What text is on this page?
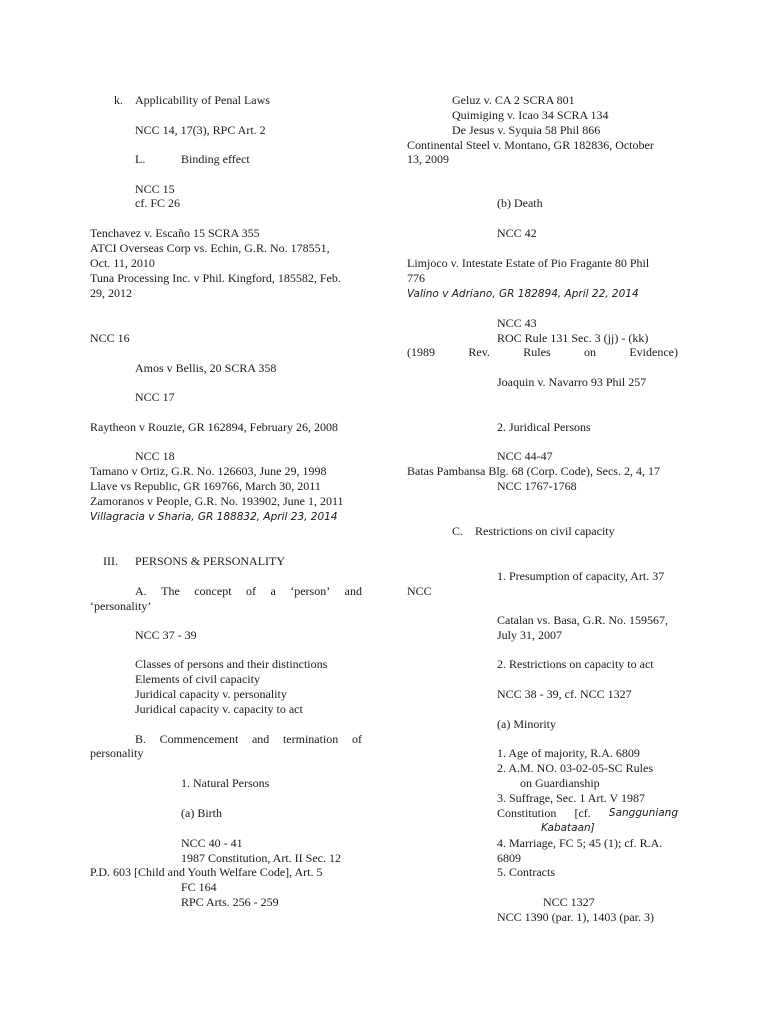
k. Applicability of Penal Laws
NCC 14, 17(3), RPC Art. 2
L.	Binding effect
NCC 15
cf. FC 26
Tenchavez v. Escaño 15 SCRA 355
ATCI Overseas Corp vs. Echin, G.R. No. 178551,
Oct. 11, 2010
Tuna Processing Inc. v Phil. Kingford, 185582, Feb.
29, 2012
NCC 16
Amos v Bellis, 20 SCRA 358
NCC 17
Raytheon v Rouzie, GR 162894, February 26, 2008
NCC 18
Tamano v Ortiz, G.R. No. 126603, June 29, 1998
Llave vs Republic, GR 169766, March 30, 2011
Zamoranos v People, G.R. No. 193902, June 1, 2011
Villagracia v Sharia, GR 188832, April 23, 2014
III. PERSONS & PERSONALITY
A. The concept of a ‘person’ and
‘personality’
NCC 37 - 39
Classes of persons and their distinctions
Elements of civil capacity
Juridical capacity v. personality
Juridical capacity v. capacity to act
B. Commencement and termination of
personality
1. Natural Persons
(a) Birth
NCC 40 - 41
1987 Constitution, Art. II Sec. 12
P.D. 603 [Child and Youth Welfare Code], Art. 5
FC 164
RPC Arts. 256 - 259
Geluz v. CA 2 SCRA 801
Quimiging v. Icao 34 SCRA 134
De Jesus v. Syquia 58 Phil 866
Continental Steel v. Montano, GR 182836, October
13, 2009
(b) Death
NCC 42
Limjoco v. Intestate Estate of Pio Fragante 80 Phil
776
Valino v Adriano, GR 182894, April 22, 2014
NCC 43
ROC Rule 131 Sec. 3 (jj) - (kk)
(1989	Rev.	Rules	on	Evidence)
Joaquin v. Navarro 93 Phil 257
2. Juridical Persons
NCC 44-47
Batas Pambansa Blg. 68 (Corp. Code), Secs. 2, 4, 17
NCC 1767-1768
C. Restrictions on civil capacity
1. Presumption of capacity, Art. 37
NCC
Catalan vs. Basa, G.R. No. 159567,
July 31, 2007
2. Restrictions on capacity to act
NCC 38 - 39, cf. NCC 1327
(a) Minority
1. Age of majority, R.A. 6809
2. A.M. NO. 03-02-05-SC Rules
on Guardianship
3. Suffrage, Sec. 1 Art. V 1987
Constitution [cf. Sangguniang
Kabataan]
4. Marriage, FC 5; 45 (1); cf. R.A.
6809
5. Contracts
NCC 1327
NCC 1390 (par. 1), 1403 (par. 3)
